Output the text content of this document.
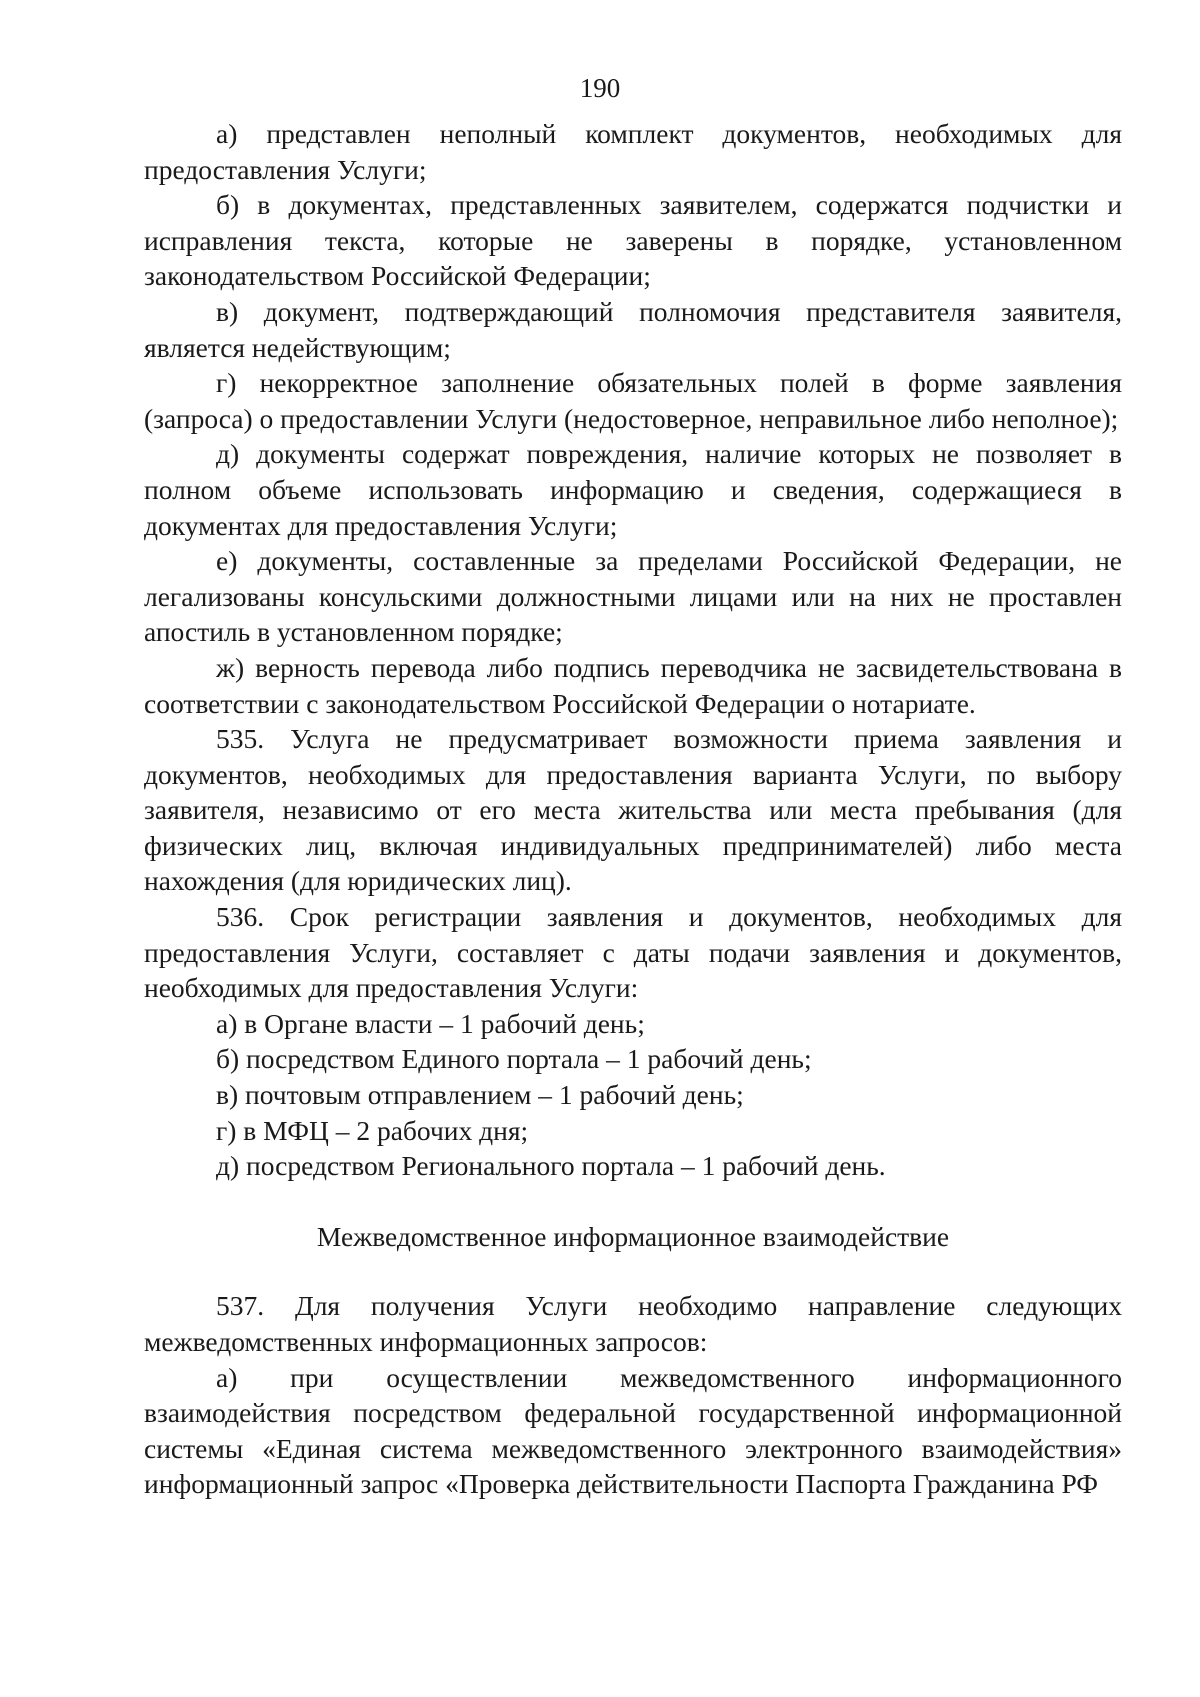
190

а) представлен неполный комплект документов, необходимых для предоставления Услуги;

б) в документах, представленных заявителем, содержатся подчистки и исправления текста, которые не заверены в порядке, установленном законодательством Российской Федерации;

в) документ, подтверждающий полномочия представителя заявителя, является недействующим;

г) некорректное заполнение обязательных полей в форме заявления (запроса) о предоставлении Услуги (недостоверное, неправильное либо неполное);

д) документы содержат повреждения, наличие которых не позволяет в полном объеме использовать информацию и сведения, содержащиеся в документах для предоставления Услуги;

е) документы, составленные за пределами Российской Федерации, не легализованы консульскими должностными лицами или на них не проставлен апостиль в установленном порядке;

ж) верность перевода либо подпись переводчика не засвидетельствована в соответствии с законодательством Российской Федерации о нотариате.

535. Услуга не предусматривает возможности приема заявления и документов, необходимых для предоставления варианта Услуги, по выбору заявителя, независимо от его места жительства или места пребывания (для физических лиц, включая индивидуальных предпринимателей) либо места нахождения (для юридических лиц).

536. Срок регистрации заявления и документов, необходимых для предоставления Услуги, составляет с даты подачи заявления и документов, необходимых для предоставления Услуги:

а) в Органе власти – 1 рабочий день;

б) посредством Единого портала – 1 рабочий день;

в) почтовым отправлением – 1 рабочий день;

г) в МФЦ – 2 рабочих дня;

д) посредством Регионального портала – 1 рабочий день.

Межведомственное информационное взаимодействие

537. Для получения Услуги необходимо направление следующих межведомственных информационных запросов:

а) при осуществлении межведомственного информационного взаимодействия посредством федеральной государственной информационной системы «Единая система межведомственного электронного взаимодействия» информационный запрос «Проверка действительности Паспорта Гражданина РФ
